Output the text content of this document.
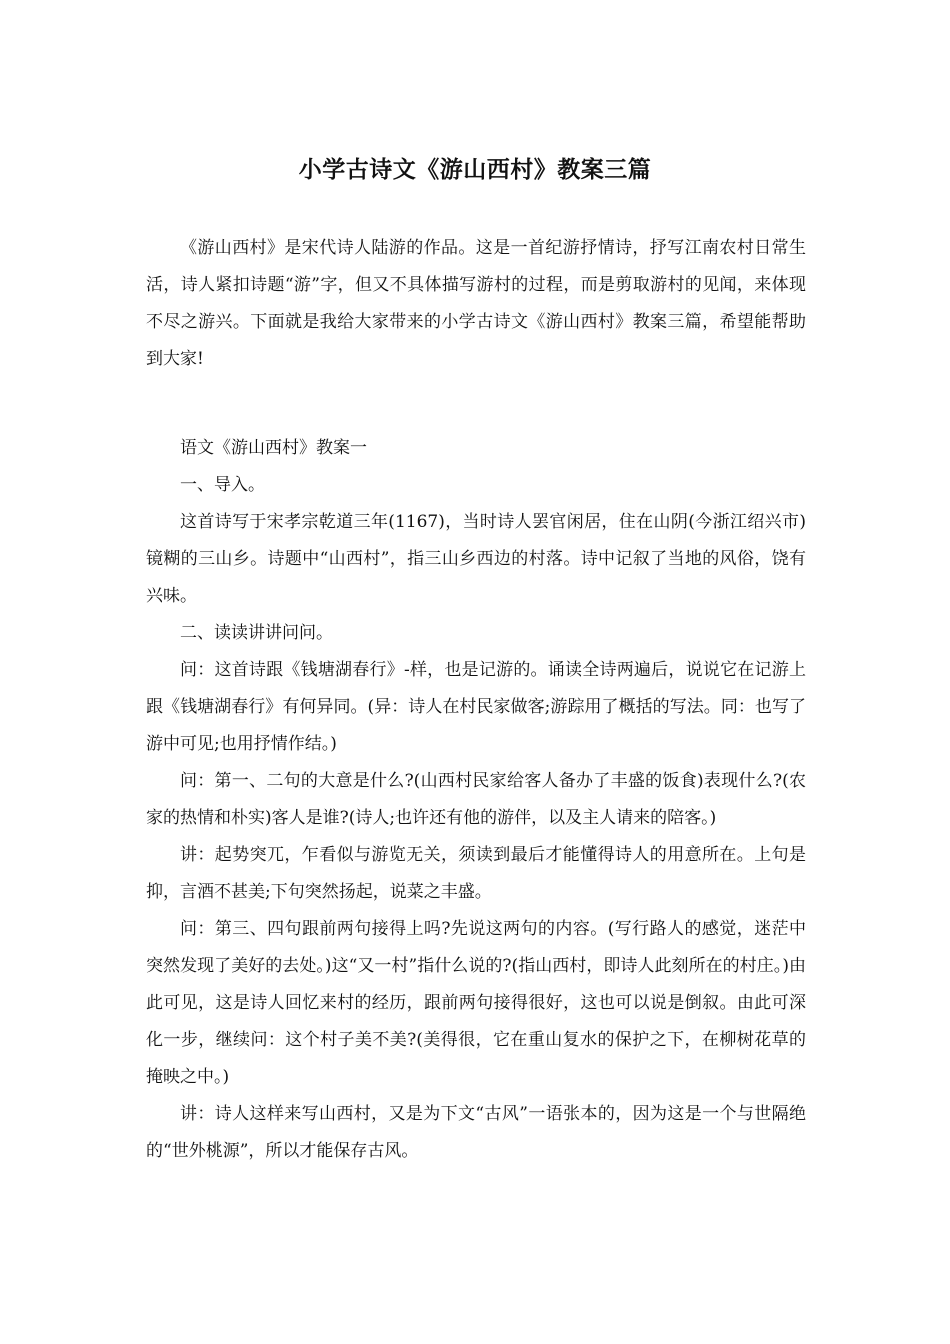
小学古诗文《游山西村》教案三篇

《游山西村》是宋代诗人陆游的作品。这是一首纪游抒情诗，抒写江南农村日常生活，诗人紧扣诗题“游”字，但又不具体描写游村的过程，而是剪取游村的见闻，来体现不尽之游兴。下面就是我给大家带来的小学古诗文《游山西村》教案三篇，希望能帮助到大家!

语文《游山西村》教案一

一、导入。

这首诗写于宋孝宗乾道三年(1167)，当时诗人罢官闲居，住在山阴(今浙江绍兴市)镜糊的三山乡。诗题中“山西村”，指三山乡西边的村落。诗中记叙了当地的风俗，饶有兴味。

二、读读讲讲问问。

问：这首诗跟《钱塘湖春行》-样，也是记游的。诵读全诗两遍后，说说它在记游上跟《钱塘湖春行》有何异同。(异：诗人在村民家做客;游踪用了概括的写法。同：也写了游中可见;也用抒情作结。)

问：第一、二句的大意是什么?(山西村民家给客人备办了丰盛的饭食)表现什么?(农家的热情和朴实)客人是谁?(诗人;也许还有他的游伴，以及主人请来的陪客。)

讲：起势突兀，乍看似与游览无关，须读到最后才能懂得诗人的用意所在。上句是抑，言酒不甚美;下句突然扬起，说菜之丰盛。

问：第三、四句跟前两句接得上吗?先说这两句的内容。(写行路人的感觉，迷茫中突然发现了美好的去处。)这“又一村”指什么说的?(指山西村，即诗人此刻所在的村庄。)由此可见，这是诗人回忆来村的经历，跟前两句接得很好，这也可以说是倒叙。由此可深化一步，继续问：这个村子美不美?(美得很，它在重山复水的保护之下，在柳树花草的掩映之中。)

讲：诗人这样来写山西村，又是为下文“古风”一语张本的，因为这是一个与世隔绝的“世外桃源”，所以才能保存古风。
